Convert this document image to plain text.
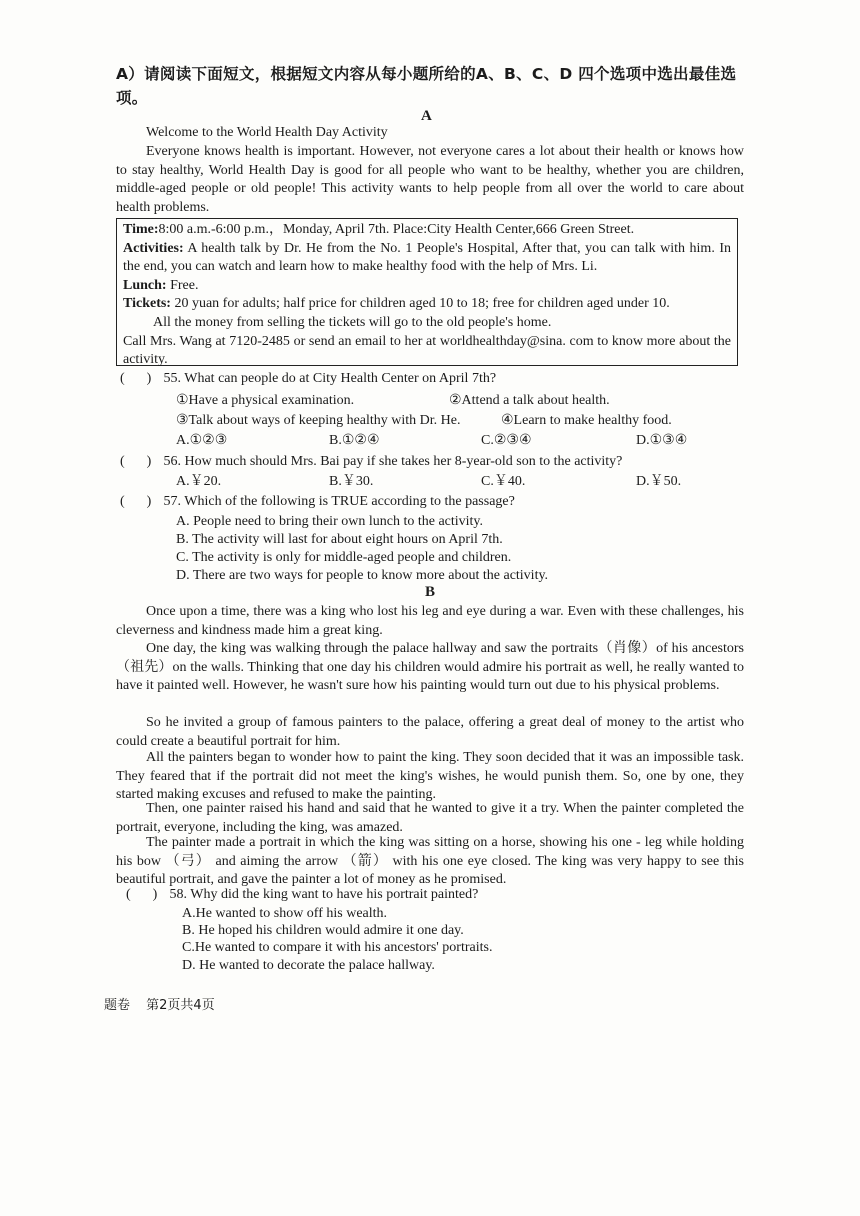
A）请阅读下面短文，根据短文内容从每小题所给的A、B、C、D 四个选项中选出最佳选项。
A
Welcome to the World Health Day Activity
Everyone knows health is important. However, not everyone cares a lot about their health or knows how to stay healthy, World Health Day is good for all people who want to be healthy, whether you are children, middle-aged people or old people! This activity wants to help people from all over the world to care about health problems.
Time:8:00 a.m.-6:00 p.m.，Monday, April 7th. Place:City Health Center,666 Green Street.
Activities: A health talk by Dr. He from the No. 1 People's Hospital, After that, you can talk with him. In the end, you can watch and learn how to make healthy food with the help of Mrs. Li.
Lunch: Free.
Tickets: 20 yuan for adults; half price for children aged 10 to 18; free for children aged under 10.
All the money from selling the tickets will go to the old people's home.
Call Mrs. Wang at 7120-2485 or send an email to her at worldhealthday@sina. com to know more about the activity.
( ) 55. What can people do at City Health Center on April 7th?
①Have a physical examination.	②Attend a talk about health.
③Talk about ways of keeping healthy with Dr. He.	④Learn to make healthy food.
A.①②③	B.①②④	C.②③④	D.①③④
( ) 56. How much should Mrs. Bai pay if she takes her 8-year-old son to the activity?
A.￥20.	B.￥30.	C.￥40.	D.￥50.
( ) 57. Which of the following is TRUE according to the passage?
A. People need to bring their own lunch to the activity.
B. The activity will last for about eight hours on April 7th.
C. The activity is only for middle-aged people and children.
D. There are two ways for people to know more about the activity.
B
Once upon a time, there was a king who lost his leg and eye during a war. Even with these challenges, his cleverness and kindness made him a great king.
One day, the king was walking through the palace hallway and saw the portraits（肖像）of his ancestors（祖先）on the walls. Thinking that one day his children would admire his portrait as well, he really wanted to have it painted well. However, he wasn't sure how his painting would turn out due to his physical problems.
So he invited a group of famous painters to the palace, offering a great deal of money to the artist who could create a beautiful portrait for him.
All the painters began to wonder how to paint the king. They soon decided that it was an impossible task. They feared that if the portrait did not meet the king's wishes, he would punish them. So, one by one, they started making excuses and refused to make the painting.
Then, one painter raised his hand and said that he wanted to give it a try. When the painter completed the portrait, everyone, including the king, was amazed.
The painter made a portrait in which the king was sitting on a horse, showing his one - leg while holding his bow （弓） and aiming the arrow （箭） with his one eye closed. The king was very happy to see this beautiful portrait, and gave the painter a lot of money as he promised.
( ) 58. Why did the king want to have his portrait painted?
A.He wanted to show off his wealth.
B. He hoped his children would admire it one day.
C.He wanted to compare it with his ancestors' portraits.
D. He wanted to decorate the palace hallway.
题卷 第2页共4页
